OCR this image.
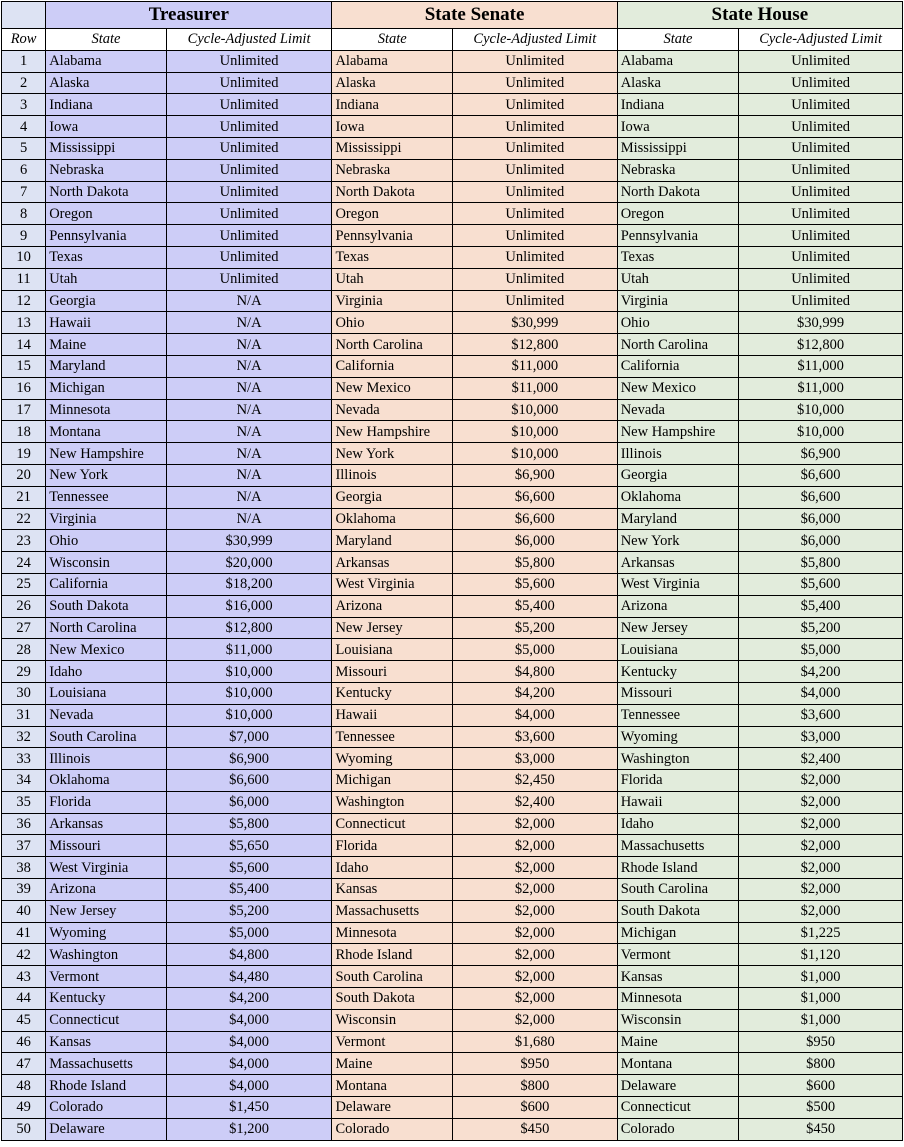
	Treasurer		State Senate		State House	
Row	State	Cycle-Adjusted Limit	State	Cycle-Adjusted Limit	State	Cycle-Adjusted Limit
1	Alabama	Unlimited	Alabama	Unlimited	Alabama	Unlimited
2	Alaska	Unlimited	Alaska	Unlimited	Alaska	Unlimited
3	Indiana	Unlimited	Indiana	Unlimited	Indiana	Unlimited
4	Iowa	Unlimited	Iowa	Unlimited	Iowa	Unlimited
5	Mississippi	Unlimited	Mississippi	Unlimited	Mississippi	Unlimited
6	Nebraska	Unlimited	Nebraska	Unlimited	Nebraska	Unlimited
7	North Dakota	Unlimited	North Dakota	Unlimited	North Dakota	Unlimited
8	Oregon	Unlimited	Oregon	Unlimited	Oregon	Unlimited
9	Pennsylvania	Unlimited	Pennsylvania	Unlimited	Pennsylvania	Unlimited
10	Texas	Unlimited	Texas	Unlimited	Texas	Unlimited
11	Utah	Unlimited	Utah	Unlimited	Utah	Unlimited
12	Georgia	N/A	Virginia	Unlimited	Virginia	Unlimited
13	Hawaii	N/A	Ohio	$30,999	Ohio	$30,999
14	Maine	N/A	North Carolina	$12,800	North Carolina	$12,800
15	Maryland	N/A	California	$11,000	California	$11,000
16	Michigan	N/A	New Mexico	$11,000	New Mexico	$11,000
17	Minnesota	N/A	Nevada	$10,000	Nevada	$10,000
18	Montana	N/A	New Hampshire	$10,000	New Hampshire	$10,000
19	New Hampshire	N/A	New York	$10,000	Illinois	$6,900
20	New York	N/A	Illinois	$6,900	Georgia	$6,600
21	Tennessee	N/A	Georgia	$6,600	Oklahoma	$6,600
22	Virginia	N/A	Oklahoma	$6,600	Maryland	$6,000
23	Ohio	$30,999	Maryland	$6,000	New York	$6,000
24	Wisconsin	$20,000	Arkansas	$5,800	Arkansas	$5,800
25	California	$18,200	West Virginia	$5,600	West Virginia	$5,600
26	South Dakota	$16,000	Arizona	$5,400	Arizona	$5,400
27	North Carolina	$12,800	New Jersey	$5,200	New Jersey	$5,200
28	New Mexico	$11,000	Louisiana	$5,000	Louisiana	$5,000
29	Idaho	$10,000	Missouri	$4,800	Kentucky	$4,200
30	Louisiana	$10,000	Kentucky	$4,200	Missouri	$4,000
31	Nevada	$10,000	Hawaii	$4,000	Tennessee	$3,600
32	South Carolina	$7,000	Tennessee	$3,600	Wyoming	$3,000
33	Illinois	$6,900	Wyoming	$3,000	Washington	$2,400
34	Oklahoma	$6,600	Michigan	$2,450	Florida	$2,000
35	Florida	$6,000	Washington	$2,400	Hawaii	$2,000
36	Arkansas	$5,800	Connecticut	$2,000	Idaho	$2,000
37	Missouri	$5,650	Florida	$2,000	Massachusetts	$2,000
38	West Virginia	$5,600	Idaho	$2,000	Rhode Island	$2,000
39	Arizona	$5,400	Kansas	$2,000	South Carolina	$2,000
40	New Jersey	$5,200	Massachusetts	$2,000	South Dakota	$2,000
41	Wyoming	$5,000	Minnesota	$2,000	Michigan	$1,225
42	Washington	$4,800	Rhode Island	$2,000	Vermont	$1,120
43	Vermont	$4,480	South Carolina	$2,000	Kansas	$1,000
44	Kentucky	$4,200	South Dakota	$2,000	Minnesota	$1,000
45	Connecticut	$4,000	Wisconsin	$2,000	Wisconsin	$1,000
46	Kansas	$4,000	Vermont	$1,680	Maine	$950
47	Massachusetts	$4,000	Maine	$950	Montana	$800
48	Rhode Island	$4,000	Montana	$800	Delaware	$600
49	Colorado	$1,450	Delaware	$600	Connecticut	$500
50	Delaware	$1,200	Colorado	$450	Colorado	$450
